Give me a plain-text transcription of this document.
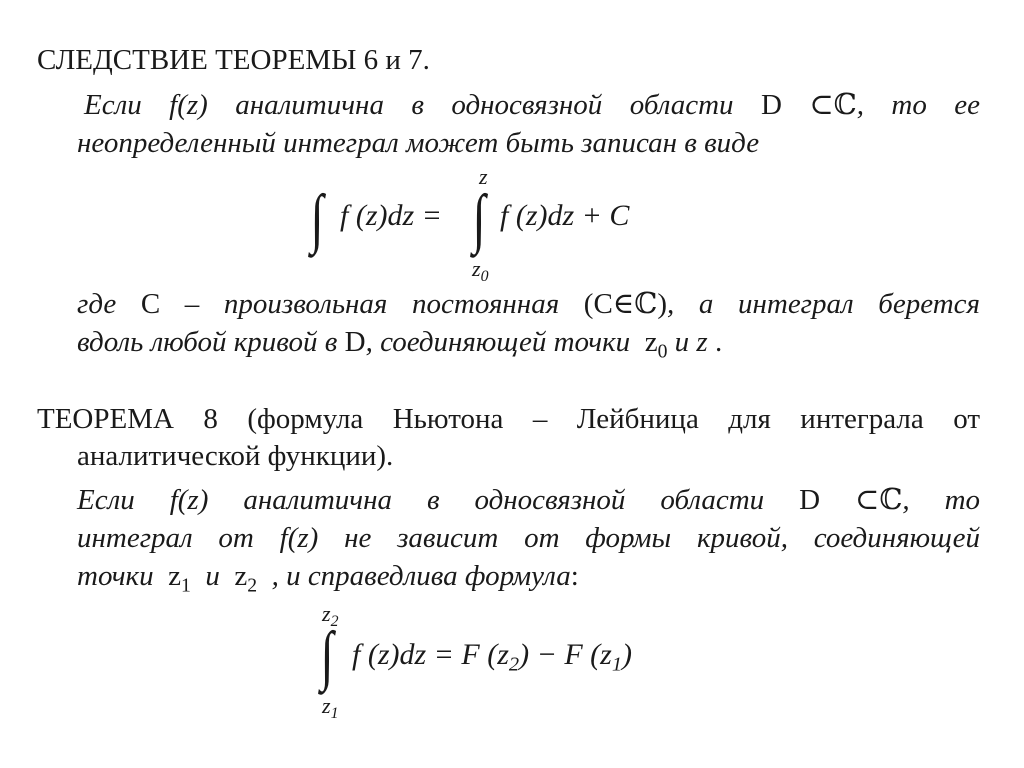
СЛЕДСТВИЕ ТЕОРЕМЫ 6 и 7.
Если f(z) аналитична в односвязной области D ⊂ℂ, то ее
неопределенный интеграл может быть записан в виде
∫ f (z)dz =
z
∫
$z_0$
f (z)dz + C
где C – произвольная постоянная (C∈ℂ), а интеграл берется
вдоль любой кривой в D, соединяющей точки $z_0$ и z .
ТЕОРЕМА 8 (формула Ньютона – Лейбница для интеграла от
аналитической функции).
Если f(z) аналитична в односвязной области D ⊂ℂ, то
интеграл от f(z) не зависит от формы кривой, соединяющей
точки $z_1$ и $z_2$ , и справедлива формула:
$z_2$
∫
$z_1$
f (z)dz = F $(z_2) - F$ $(z_1)$
